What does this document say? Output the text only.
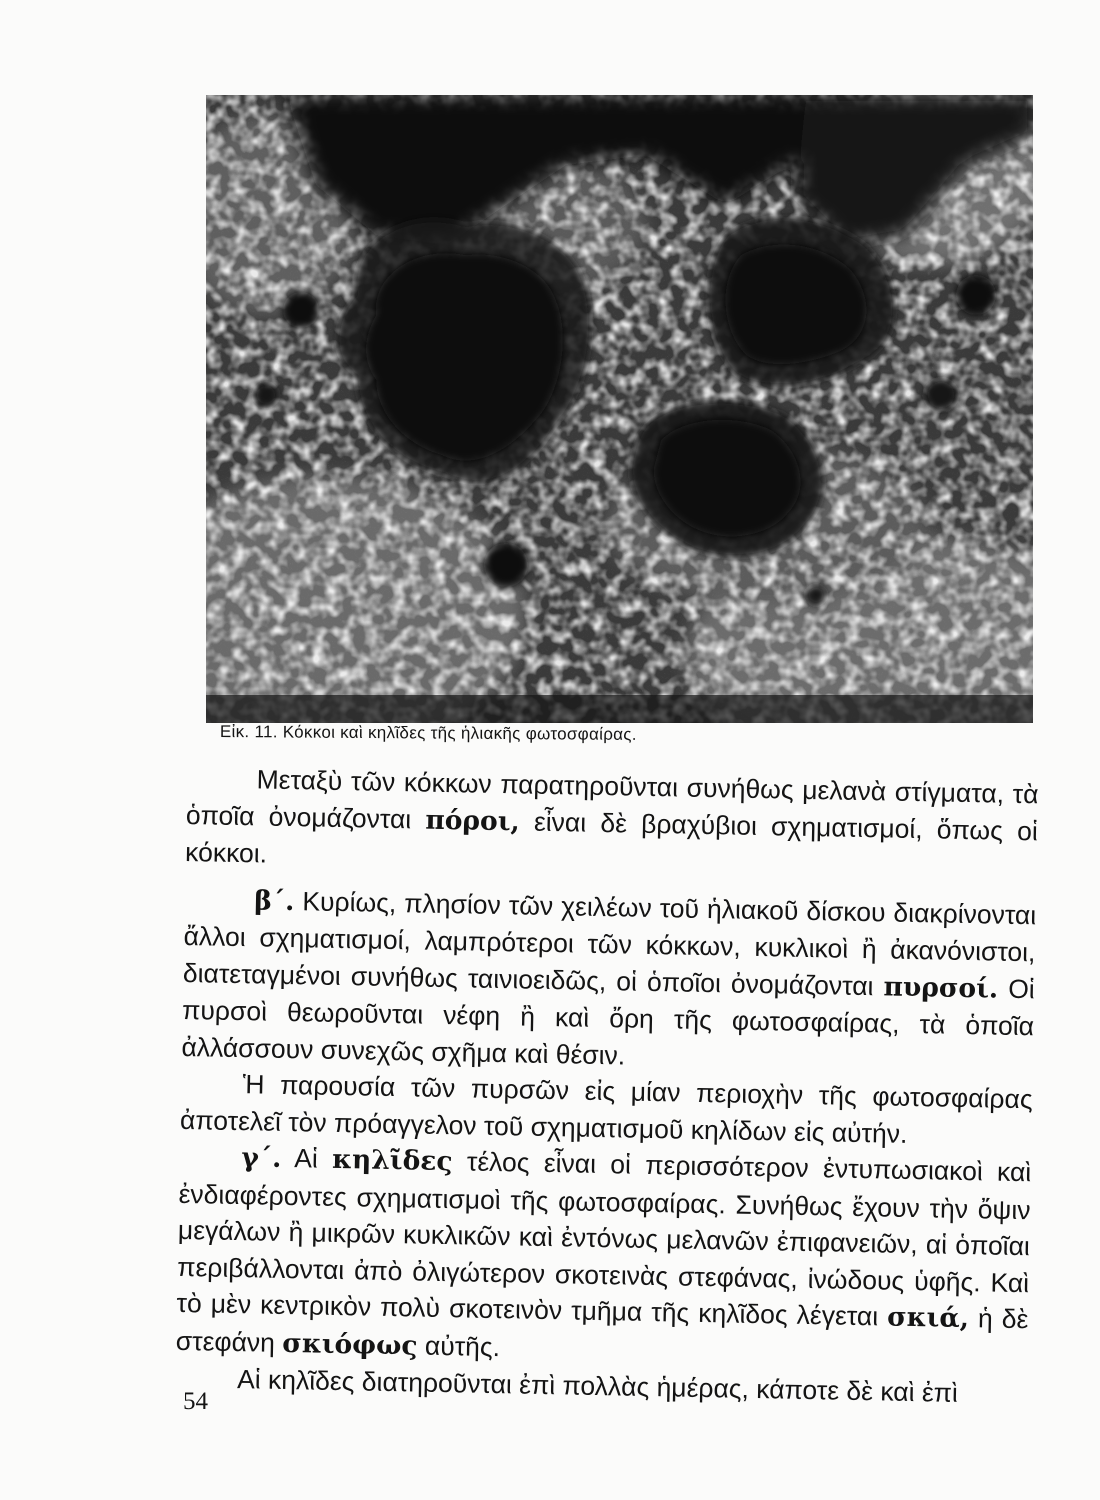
Εἰκ. 11. Κόκκοι καὶ κηλῖδες τῆς ἡλιακῆς φωτοσφαίρας.

Μεταξὺ τῶν κόκκων παρατηροῦνται συνήθως μελανὰ στίγματα, τὰ ὁποῖα ὀνομάζονται πόροι, εἶναι δὲ βραχύβιοι σχηματισμοί, ὅπως οἱ κόκκοι.

β΄. Κυρίως, πλησίον τῶν χειλέων τοῦ ἡλιακοῦ δίσκου διακρίνονται ἄλλοι σχηματισμοί, λαμπρότεροι τῶν κόκκων, κυκλικοὶ ἢ ἀκανόνιστοι, διατεταγμένοι συνήθως ταινιοειδῶς, οἱ ὁποῖοι ὀνομάζονται πυρσοί. Οἱ πυρσοὶ θεωροῦνται νέφη ἢ καὶ ὄρη τῆς φωτοσφαίρας, τὰ ὁποῖα ἀλλάσσουν συνεχῶς σχῆμα καὶ θέσιν.

Ἡ παρουσία τῶν πυρσῶν εἰς μίαν περιοχὴν τῆς φωτοσφαίρας ἀποτελεῖ τὸν πρόαγγελον τοῦ σχηματισμοῦ κηλίδων εἰς αὐτήν.

γ΄. Αἱ κηλῖδες τέλος εἶναι οἱ περισσότερον ἐντυπωσιακοὶ καὶ ἐνδιαφέροντες σχηματισμοὶ τῆς φωτοσφαίρας. Συνήθως ἔχουν τὴν ὄψιν μεγάλων ἢ μικρῶν κυκλικῶν καὶ ἐντόνως μελανῶν ἐπιφανειῶν, αἱ ὁποῖαι περιβάλλονται ἀπὸ ὀλιγώτερον σκοτεινὰς στεφάνας, ἰνώδους ὑφῆς. Καὶ τὸ μὲν κεντρικὸν πολὺ σκοτεινὸν τμῆμα τῆς κηλῖδος λέγεται σκιά, ἡ δὲ στεφάνη σκιόφως αὐτῆς.

Αἱ κηλῖδες διατηροῦνται ἐπὶ πολλὰς ἡμέρας, κάποτε δὲ καὶ ἐπὶ

54
